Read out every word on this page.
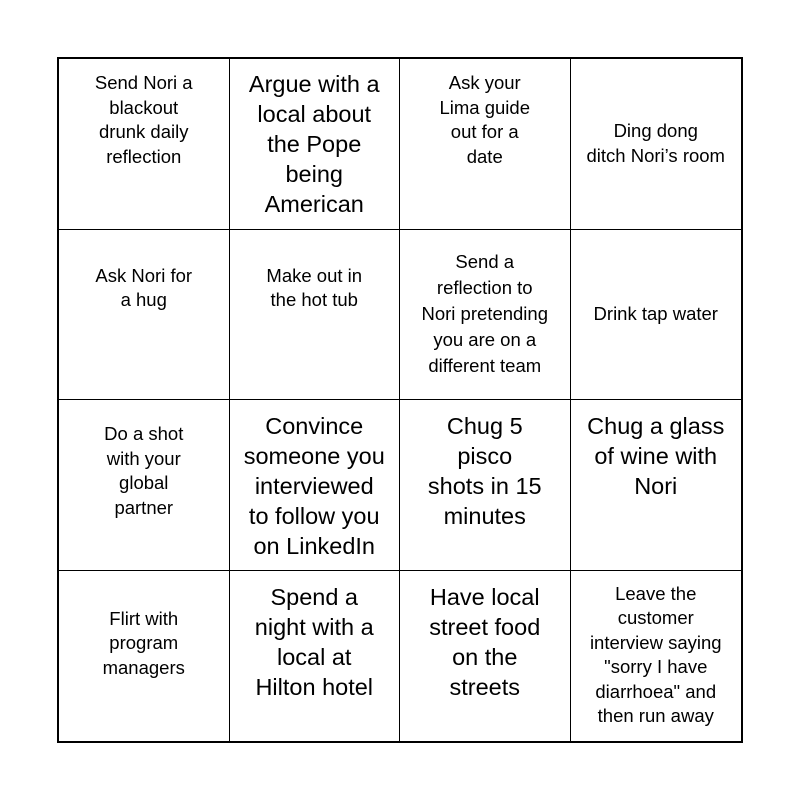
Send Nori a
blackout
drunk daily
reflection
Argue with a
local about
the Pope
being
American
Ask your
Lima guide
out for a
date
Ding dong
ditch Nori’s room
Ask Nori for
a hug
Make out in
the hot tub
Send a
reflection to
Nori pretending
you are on a
different team
Drink tap water
Do a shot
with your
global
partner
Convince
someone you
interviewed
to follow you
on LinkedIn
Chug 5
pisco
shots in 15
minutes
Chug a glass
of wine with
Nori
Flirt with
program
managers
Spend a
night with a
local at
Hilton hotel
Have local
street food
on the
streets
Leave the
customer
interview saying
"sorry I have
diarrhoea" and
then run away
